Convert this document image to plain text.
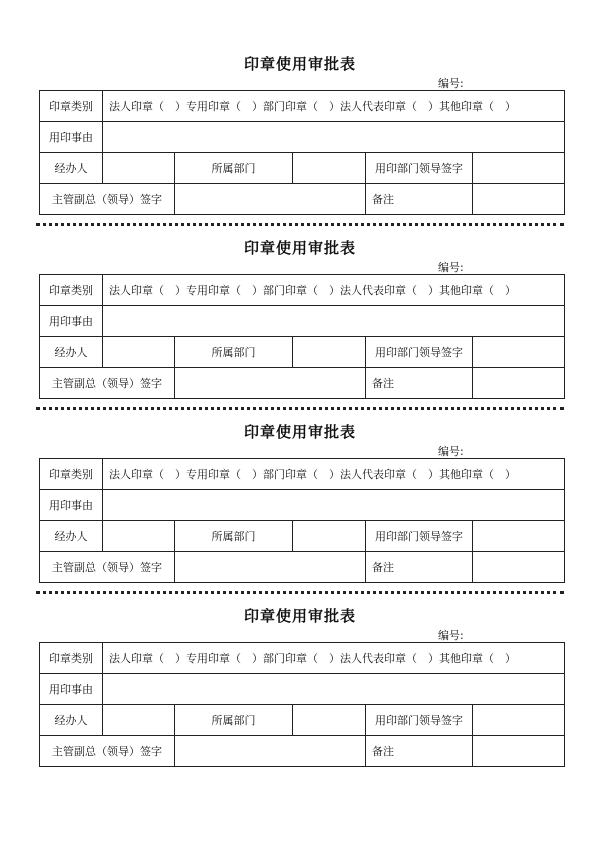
印章使用审批表
编号:
印章类别	法人印章（　）专用印章（　）部门印章（　）法人代表印章（　）其他印章（　）				
用印事由					
经办人		所属部门		用印部门领导签字	
主管副总（领导）签字				备注	
印章使用审批表
编号:
印章类别	法人印章（　）专用印章（　）部门印章（　）法人代表印章（　）其他印章（　）				
用印事由					
经办人		所属部门		用印部门领导签字	
主管副总（领导）签字				备注	
印章使用审批表
编号:
印章类别	法人印章（　）专用印章（　）部门印章（　）法人代表印章（　）其他印章（　）				
用印事由					
经办人		所属部门		用印部门领导签字	
主管副总（领导）签字				备注	
印章使用审批表
编号:
印章类别	法人印章（　）专用印章（　）部门印章（　）法人代表印章（　）其他印章（　）				
用印事由					
经办人		所属部门		用印部门领导签字	
主管副总（领导）签字				备注	
